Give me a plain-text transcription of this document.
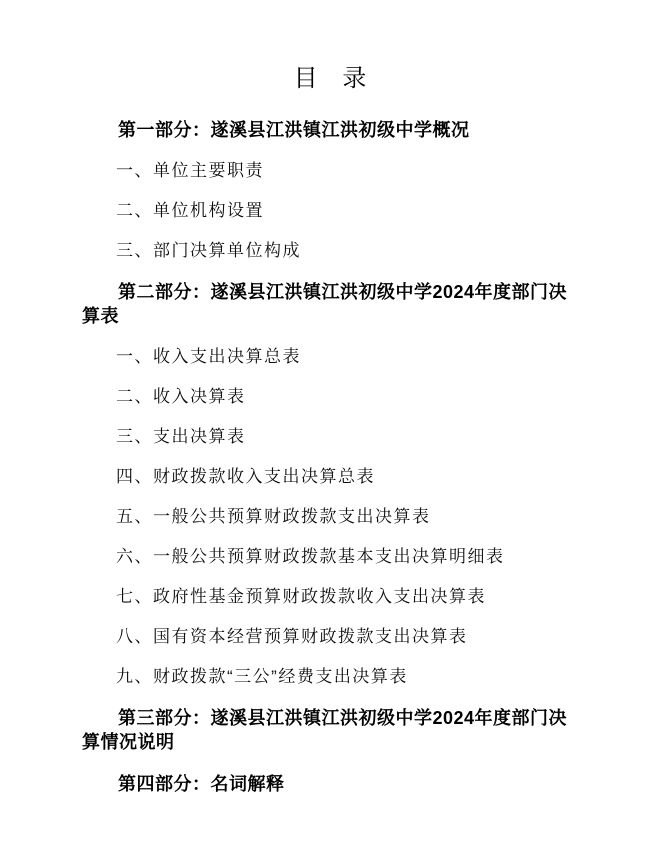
目 录

第一部分：遂溪县江洪镇江洪初级中学概况

一、单位主要职责

二、单位机构设置

三、部门决算单位构成

第二部分：遂溪县江洪镇江洪初级中学2024年度部门决算表

一、收入支出决算总表

二、收入决算表

三、支出决算表

四、财政拨款收入支出决算总表

五、一般公共预算财政拨款支出决算表

六、一般公共预算财政拨款基本支出决算明细表

七、政府性基金预算财政拨款收入支出决算表

八、国有资本经营预算财政拨款支出决算表

九、财政拨款“三公”经费支出决算表

第三部分：遂溪县江洪镇江洪初级中学2024年度部门决算情况说明

第四部分：名词解释
